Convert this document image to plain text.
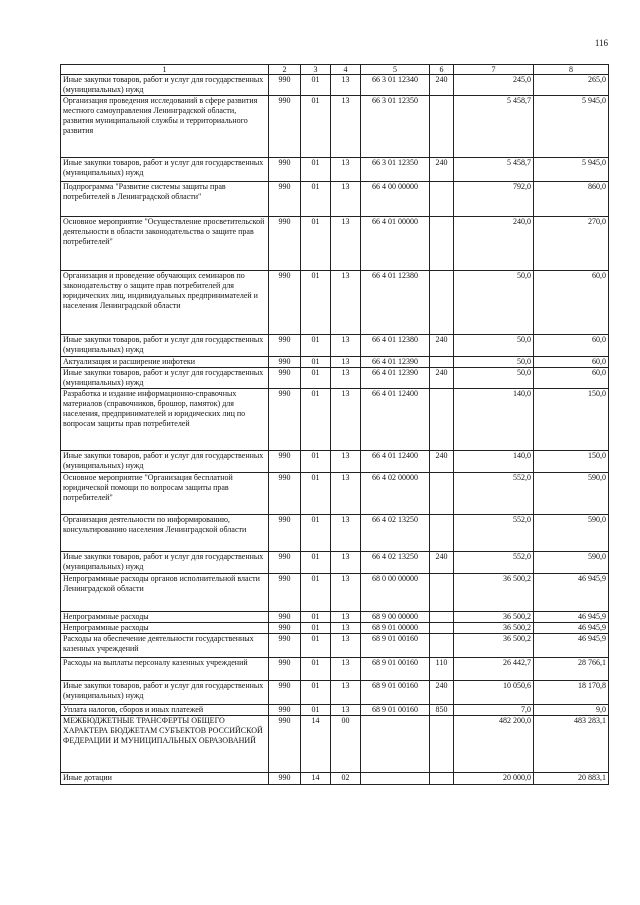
116
1	2	3	4	5	6	7	8
Иные закупки товаров, работ и услуг для государственных (муниципальных) нужд	990	01	13	66 3 01 12340	240	245,0	265,0
Организация проведения исследований в сфере развития местного самоуправления Ленинградской области, развития муниципальной службы и территориального развития	990	01	13	66 3 01 12350		5 458,7	5 945,0
Иные закупки товаров, работ и услуг для государственных (муниципальных) нужд	990	01	13	66 3 01 12350	240	5 458,7	5 945,0
Подпрограмма "Развитие системы защиты прав потребителей в Ленинградской области"	990	01	13	66 4 00 00000		792,0	860,0
Основное мероприятие "Осуществление просветительской деятельности в области законодательства о защите прав потребителей"	990	01	13	66 4 01 00000		240,0	270,0
Организация и проведение обучающих семинаров по законодательству о защите прав потребителей для юридических лиц, индивидуальных предпринимателей и населения Ленинградской области	990	01	13	66 4 01 12380		50,0	60,0
Иные закупки товаров, работ и услуг для государственных (муниципальных) нужд	990	01	13	66 4 01 12380	240	50,0	60,0
Актуализация и расширение инфотеки	990	01	13	66 4 01 12390		50,0	60,0
Иные закупки товаров, работ и услуг для государственных (муниципальных) нужд	990	01	13	66 4 01 12390	240	50,0	60,0
Разработка и издание информационно-справочных материалов (справочников, брошюр, памяток) для населения, предпринимателей и юридических лиц по вопросам защиты прав потребителей	990	01	13	66 4 01 12400		140,0	150,0
Иные закупки товаров, работ и услуг для государственных (муниципальных) нужд	990	01	13	66 4 01 12400	240	140,0	150,0
Основное мероприятие "Организация бесплатной юридической помощи по вопросам защиты прав потребителей"	990	01	13	66 4 02 00000		552,0	590,0
Организация деятельности по информированию, консультированию населения Ленинградской области	990	01	13	66 4 02 13250		552,0	590,0
Иные закупки товаров, работ и услуг для государственных (муниципальных) нужд	990	01	13	66 4 02 13250	240	552,0	590,0
Непрограммные расходы органов исполнительной власти Ленинградской области	990	01	13	68 0 00 00000		36 500,2	46 945,9
Непрограммные расходы	990	01	13	68 9 00 00000		36 500,2	46 945,9
Непрограммные расходы	990	01	13	68 9 01 00000		36 500,2	46 945,9
Расходы на обеспечение деятельности государственных казенных учреждений	990	01	13	68 9 01 00160		36 500,2	46 945,9
Расходы на выплаты персоналу казенных учреждений	990	01	13	68 9 01 00160	110	26 442,7	28 766,1
Иные закупки товаров, работ и услуг для государственных (муниципальных) нужд	990	01	13	68 9 01 00160	240	10 050,6	18 170,8
Уплата налогов, сборов и иных платежей	990	01	13	68 9 01 00160	850	7,0	9,0
МЕЖБЮДЖЕТНЫЕ ТРАНСФЕРТЫ ОБЩЕГО ХАРАКТЕРА БЮДЖЕТАМ СУБЪЕКТОВ РОССИЙСКОЙ ФЕДЕРАЦИИ И МУНИЦИПАЛЬНЫХ ОБРАЗОВАНИЙ	990	14	00			482 200,0	483 283,1
Иные дотации	990	14	02			20 000,0	20 883,1
